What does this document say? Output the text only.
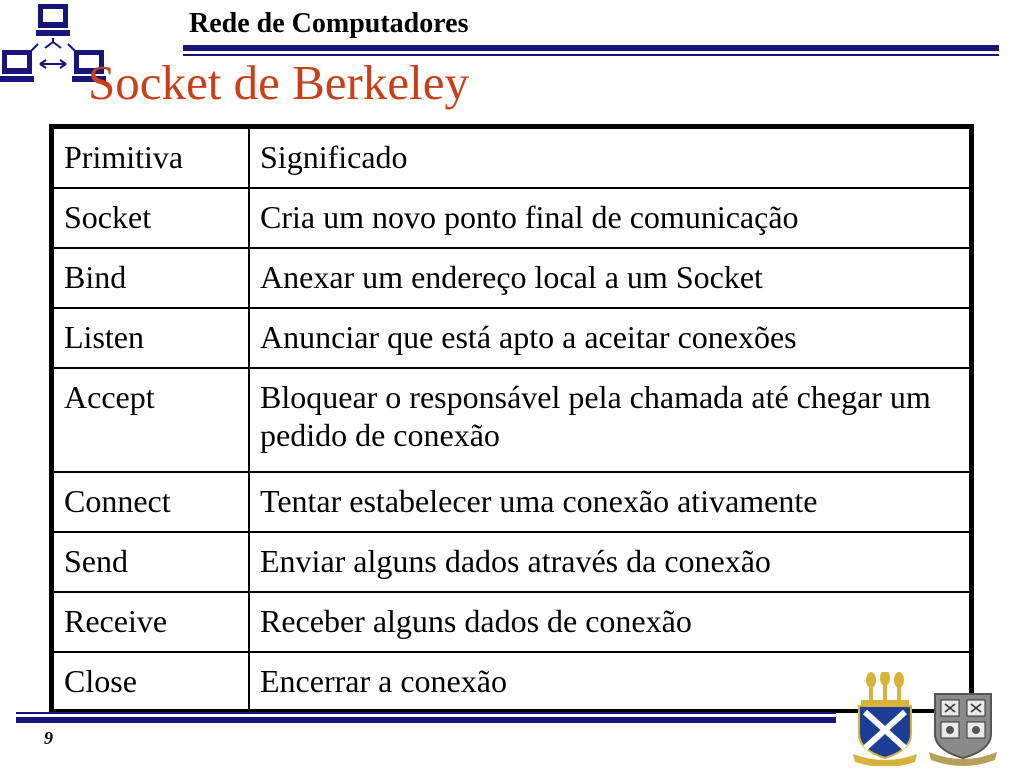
Rede de Computadores
Socket de Berkeley
Primitiva	Significado
Socket	Cria um novo ponto final de comunicação
Bind	Anexar um endereço local a um Socket
Listen	Anunciar que está apto a aceitar conexões
Accept	Bloquear o responsável pela chamada até chegar um pedido de conexão
Connect	Tentar estabelecer uma conexão ativamente
Send	Enviar alguns dados através da conexão
Receive	Receber alguns dados de conexão
Close	Encerrar a conexão
9
